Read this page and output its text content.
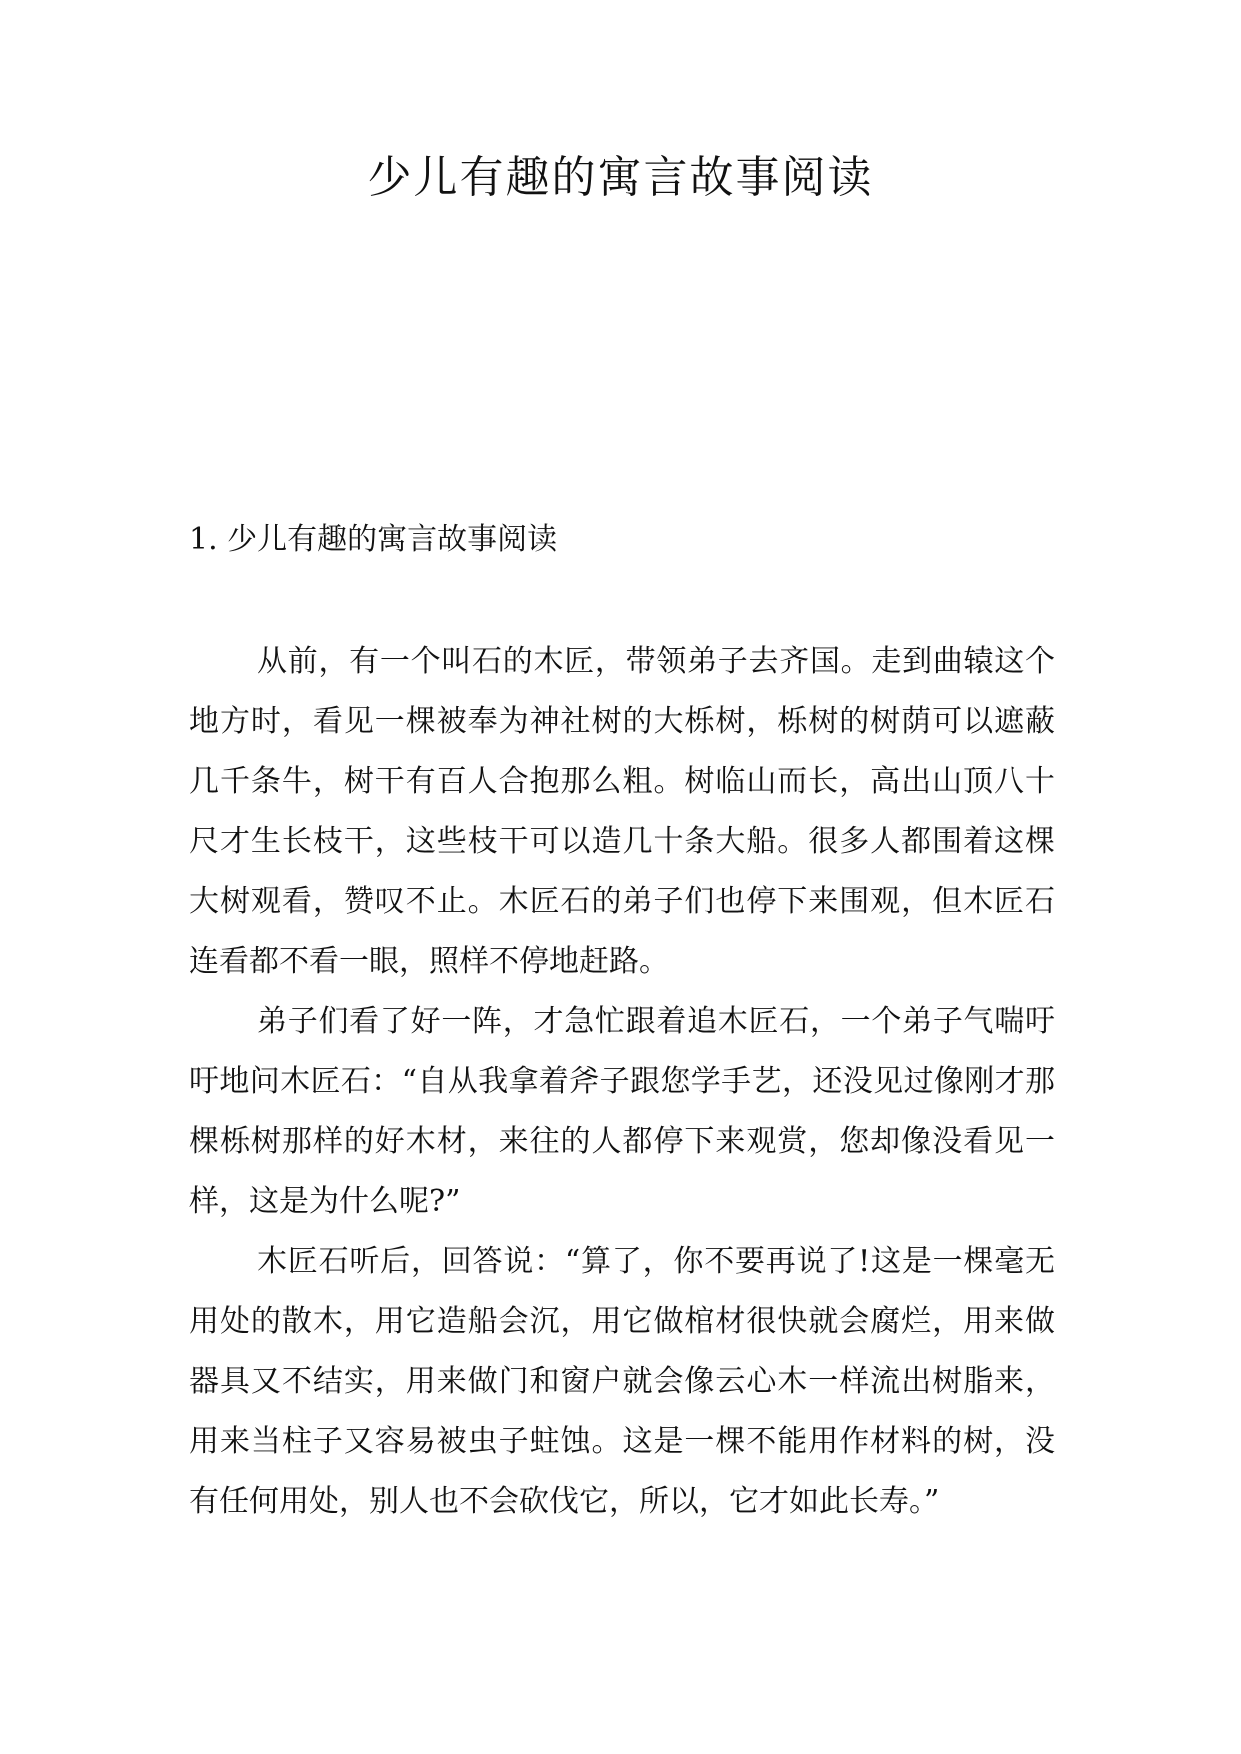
少儿有趣的寓言故事阅读
1. 少儿有趣的寓言故事阅读

从前，有一个叫石的木匠，带领弟子去齐国。走到曲辕这个地方时，看见一棵被奉为神社树的大栎树，栎树的树荫可以遮蔽几千条牛，树干有百人合抱那么粗。树临山而长，高出山顶八十尺才生长枝干，这些枝干可以造几十条大船。很多人都围着这棵大树观看，赞叹不止。木匠石的弟子们也停下来围观，但木匠石连看都不看一眼，照样不停地赶路。

弟子们看了好一阵，才急忙跟着追木匠石，一个弟子气喘吁吁地问木匠石：“自从我拿着斧子跟您学手艺，还没见过像刚才那棵栎树那样的好木材，来往的人都停下来观赏，您却像没看见一样，这是为什么呢?”

木匠石听后，回答说：“算了，你不要再说了!这是一棵毫无用处的散木，用它造船会沉，用它做棺材很快就会腐烂，用来做器具又不结实，用来做门和窗户就会像云心木一样流出树脂来，用来当柱子又容易被虫子蛀蚀。这是一棵不能用作材料的树，没有任何用处，别人也不会砍伐它，所以，它才如此长寿。”
